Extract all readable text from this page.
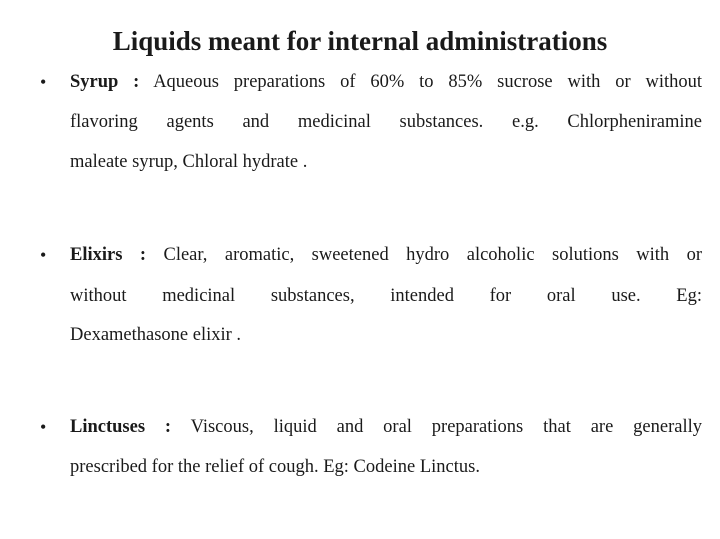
Liquids meant for internal administrations
• Syrup : Aqueous preparations of 60% to 85% sucrose with or without
flavoring agents and medicinal substances. e.g. Chlorpheniramine
maleate syrup, Chloral hydrate .
• Elixirs : Clear, aromatic, sweetened hydro alcoholic solutions with or
without medicinal substances, intended for oral use. Eg:
Dexamethasone elixir .
• Linctuses : Viscous, liquid and oral preparations that are generally
prescribed for the relief of cough. Eg: Codeine Linctus.
